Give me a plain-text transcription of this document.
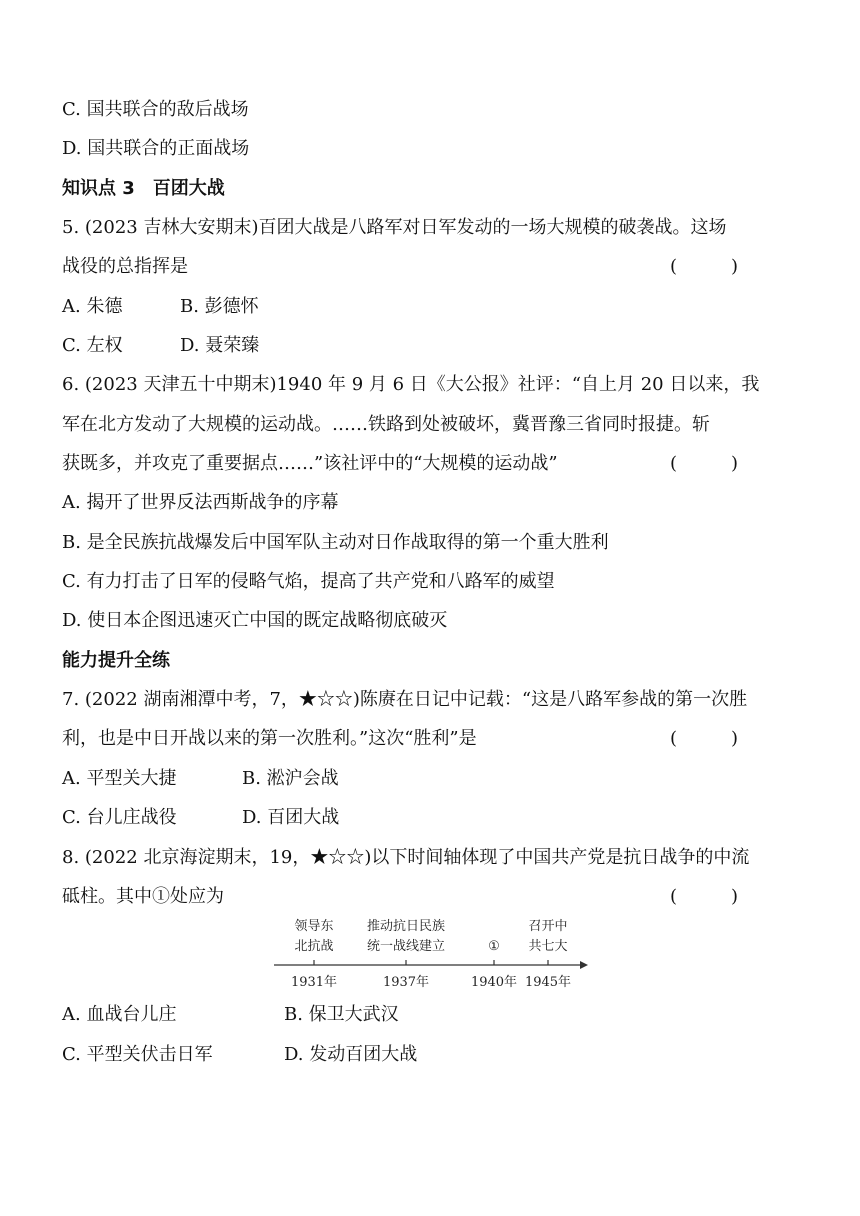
C. 国共联合的敌后战场
D. 国共联合的正面战场
知识点 3　百团大战
5. (2023 吉林大安期末)百团大战是八路军对日军发动的一场大规模的破袭战。这场
战役的总指挥是	(	)
A. 朱德	B. 彭德怀
C. 左权	D. 聂荣臻
6. (2023 天津五十中期末)1940 年 9 月 6 日《大公报》社评：“自上月 20 日以来，我
军在北方发动了大规模的运动战。……铁路到处被破坏，冀晋豫三省同时报捷。斩
获既多，并攻克了重要据点……”该社评中的“大规模的运动战”	(	)
A. 揭开了世界反法西斯战争的序幕
B. 是全民族抗战爆发后中国军队主动对日作战取得的第一个重大胜利
C. 有力打击了日军的侵略气焰，提高了共产党和八路军的威望
D. 使日本企图迅速灭亡中国的既定战略彻底破灭
能力提升全练
7. (2022 湖南湘潭中考，7，★☆☆)陈赓在日记中记载：“这是八路军参战的第一次胜
利，也是中日开战以来的第一次胜利。”这次“胜利”是	(	)
A. 平型关大捷	B. 淞沪会战
C. 台儿庄战役	D. 百团大战
8. (2022 北京海淀期末，19，★☆☆)以下时间轴体现了中国共产党是抗日战争的中流
砥柱。其中①处应为	(	)
领导东
北抗战
1931年
推动抗日民族
统一战线建立
1937年
①
1940年
召开中
共七大
1945年
A. 血战台儿庄	B. 保卫大武汉
C. 平型关伏击日军	D. 发动百团大战
